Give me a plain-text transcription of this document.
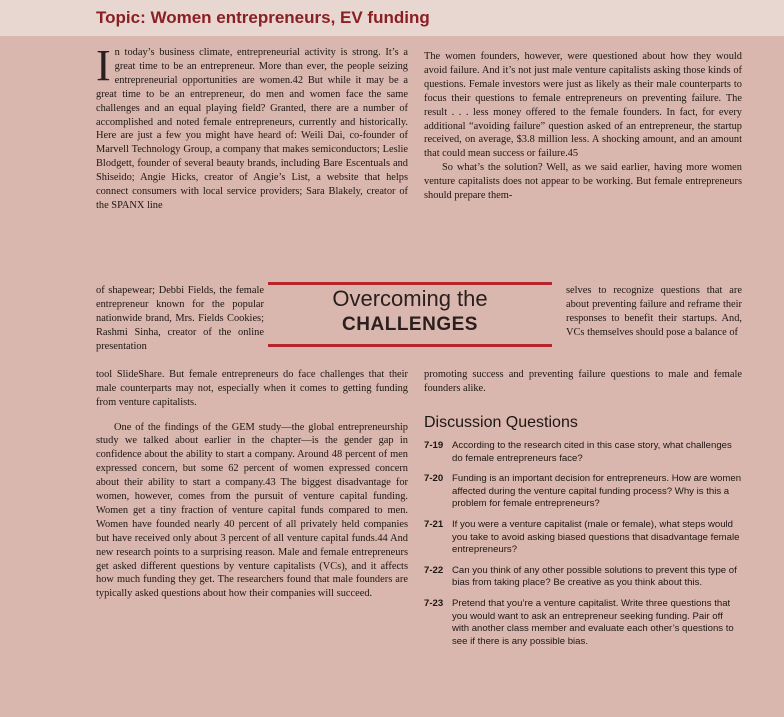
Topic: Women entrepreneurs, EV funding

In today’s business climate, entrepreneurial activity is strong. It’s a great time to be an entrepreneur. More than ever, the people seizing entrepreneurial opportunities are women.42 But while it may be a great time to be an entrepreneur, do men and women face the same challenges and an equal playing field? Granted, there are a number of accomplished and noted female entrepreneurs, currently and historically. Here are just a few you might have heard of: Weili Dai, co-founder of Marvell Technology Group, a company that makes semiconductors; Leslie Blodgett, founder of several beauty brands, including Bare Escentuals and Shiseido; Angie Hicks, creator of Angie’s List, a website that helps connect consumers with local service providers; Sara Blakely, creator of the SPANX line

of shapewear; Debbi Fields, the female entrepreneur known for the popular nationwide brand, Mrs. Fields Cookies; Rashmi Sinha, creator of the online presentation

Overcoming the
CHALLENGES

tool SlideShare. But female entrepreneurs do face challenges that their male counterparts may not, especially when it comes to getting funding from venture capitalists.

One of the findings of the GEM study—the global entrepreneurship study we talked about earlier in the chapter—is the gender gap in confidence about the ability to start a company. Around 48 percent of men expressed concern, but some 62 percent of women expressed concern about their ability to start a company.43 The biggest disadvantage for women, however, comes from the pursuit of venture capital funding. Women get a tiny fraction of venture capital funds compared to men. Women have founded nearly 40 percent of all privately held companies but have received only about 3 percent of all venture capital funds.44 And new research points to a surprising reason. Male and female entrepreneurs get asked different questions by venture capitalists (VCs), and it affects how much funding they get. The researchers found that male founders are typically asked questions about how their companies will succeed.

The women founders, however, were questioned about how they would avoid failure. And it’s not just male venture capitalists asking those kinds of questions. Female investors were just as likely as their male counterparts to focus their questions to female entrepreneurs on preventing failure. The result . . . less money offered to the female founders. In fact, for every additional “avoiding failure” question asked of an entrepreneur, the startup received, on average, $3.8 million less. A shocking amount, and an amount that could mean success or failure.45

So what’s the solution? Well, as we said earlier, having more women venture capitalists does not appear to be working. But female entrepreneurs should prepare them-

selves to recognize questions that are about preventing failure and reframe their responses to benefit their startups. And, VCs themselves should pose a balance of

promoting success and preventing failure questions to male and female founders alike.

Discussion Questions
7-19 According to the research cited in this case story, what challenges do female entrepreneurs face?
7-20 Funding is an important decision for entrepreneurs. How are women affected during the venture capital funding process? Why is this a problem for female entrepreneurs?
7-21 If you were a venture capitalist (male or female), what steps would you take to avoid asking biased questions that disadvantage female entrepreneurs?
7-22 Can you think of any other possible solutions to prevent this type of bias from taking place? Be creative as you think about this.
7-23 Pretend that you’re a venture capitalist. Write three questions that you would want to ask an entrepreneur seeking funding. Pair off with another class member and evaluate each other’s questions to see if there is any possible bias.
